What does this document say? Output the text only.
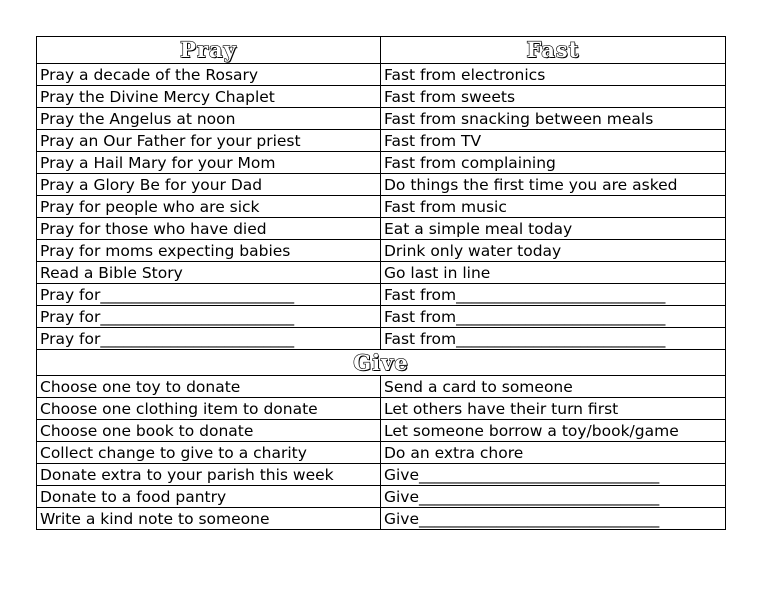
Pray	Fast
Pray a decade of the Rosary	Fast from electronics
Pray the Divine Mercy Chaplet	Fast from sweets
Pray the Angelus at noon	Fast from snacking between meals
Pray an Our Father for your priest	Fast from TV
Pray a Hail Mary for your Mom	Fast from complaining
Pray a Glory Be for your Dad	Do things the first time you are asked
Pray for people who are sick	Fast from music
Pray for those who have died	Eat a simple meal today
Pray for moms expecting babies	Drink only water today
Read a Bible Story	Go last in line
Pray for_________________________	Fast from___________________________
Pray for_________________________	Fast from___________________________
Pray for_________________________	Fast from___________________________
Give	
Choose one toy to donate	Send a card to someone
Choose one clothing item to donate	Let others have their turn first
Choose one book to donate	Let someone borrow a toy/book/game
Collect change to give to a charity	Do an extra chore
Donate extra to your parish this week	Give_______________________________
Donate to a food pantry	Give_______________________________
Write a kind note to someone	Give_______________________________
